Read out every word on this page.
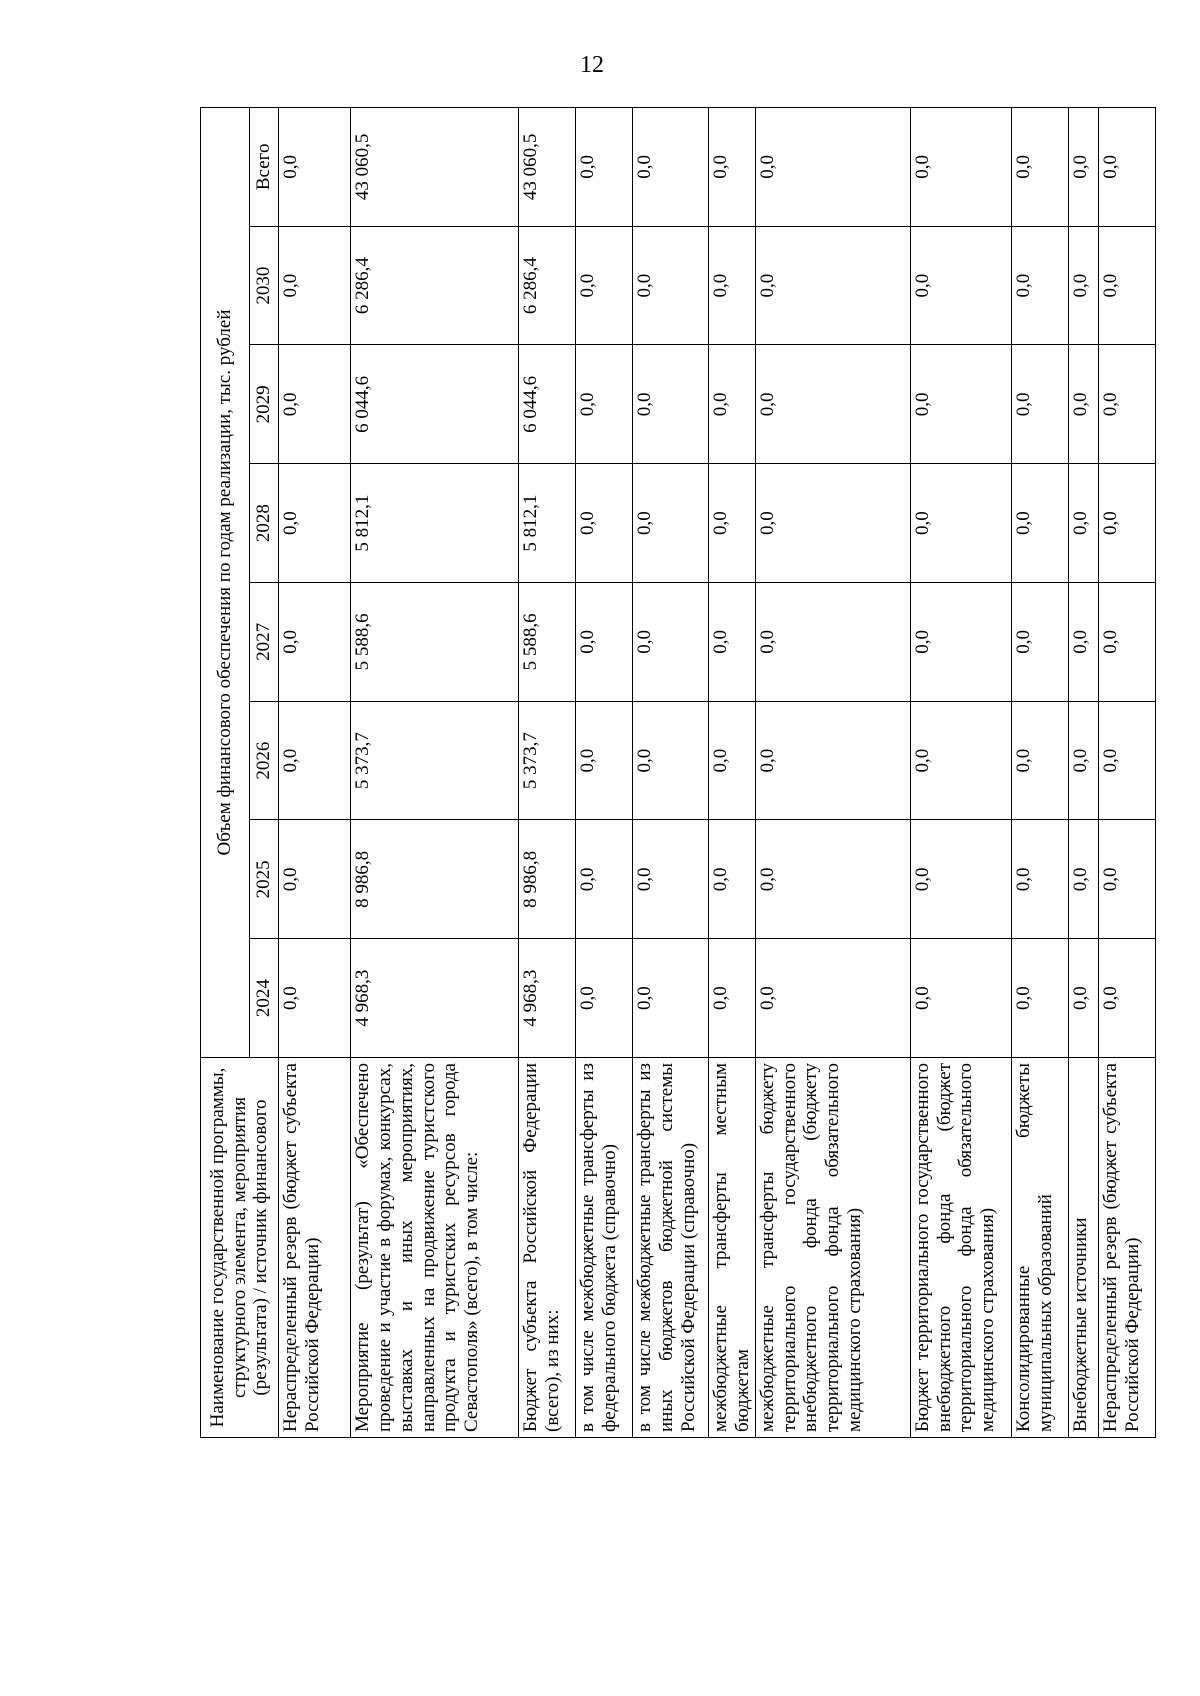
12
Наименование государственной программы, структурного элемента, мероприятия (результата) / источник финансового	Объем финансового обеспечения по годам реализации, тыс. рублей							
	2024	2025	2026	2027	2028	2029	2030	Всего
Нераспределенный резерв (бюджет субъекта Российской Федерации)	0,0	0,0	0,0	0,0	0,0	0,0	0,0	0,0
Мероприятие (результат) «Обеспечено проведение и участие в форумах, конкурсах, выставках и иных мероприятиях, направленных на продвижение туристского продукта и туристских ресурсов города Севастополя» (всего), в том числе:	4 968,3	8 986,8	5 373,7	5 588,6	5 812,1	6 044,6	6 286,4	43 060,5
Бюджет субъекта Российской Федерации (всего), из них:	4 968,3	8 986,8	5 373,7	5 588,6	5 812,1	6 044,6	6 286,4	43 060,5
в том числе межбюджетные трансферты из федерального бюджета (справочно)	0,0	0,0	0,0	0,0	0,0	0,0	0,0	0,0
в том числе межбюджетные трансферты из иных бюджетов бюджетной системы Российской Федерации (справочно)	0,0	0,0	0,0	0,0	0,0	0,0	0,0	0,0
межбюджетные трансферты местным бюджетам	0,0	0,0	0,0	0,0	0,0	0,0	0,0	0,0
межбюджетные трансферты бюджету территориального государственного внебюджетного фонда (бюджету территориального фонда обязательного медицинского страхования)	0,0	0,0	0,0	0,0	0,0	0,0	0,0	0,0
Бюджет территориального государственного внебюджетного фонда (бюджет территориального фонда обязательного медицинского страхования)	0,0	0,0	0,0	0,0	0,0	0,0	0,0	0,0
Консолидированные бюджеты муниципальных образований	0,0	0,0	0,0	0,0	0,0	0,0	0,0	0,0
Внебюджетные источники	0,0	0,0	0,0	0,0	0,0	0,0	0,0	0,0
Нераспределенный резерв (бюджет субъекта Российской Федерации)	0,0	0,0	0,0	0,0	0,0	0,0	0,0	0,0
